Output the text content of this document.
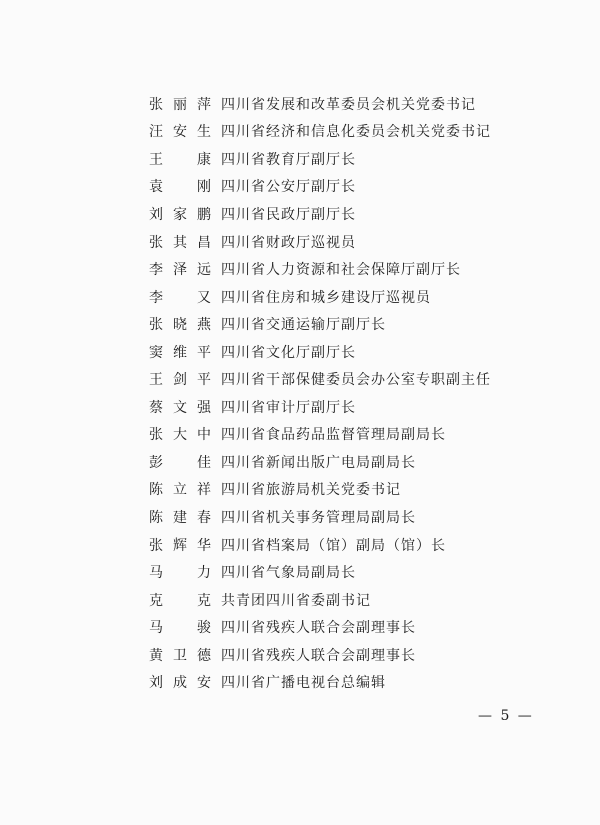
张丽萍 四川省发展和改革委员会机关党委书记
汪安生 四川省经济和信息化委员会机关党委书记
王 康 四川省教育厅副厅长
袁 刚 四川省公安厅副厅长
刘家鹏 四川省民政厅副厅长
张其昌 四川省财政厅巡视员
李泽远 四川省人力资源和社会保障厅副厅长
李 又 四川省住房和城乡建设厅巡视员
张晓燕 四川省交通运输厅副厅长
窦维平 四川省文化厅副厅长
王剑平 四川省干部保健委员会办公室专职副主任
蔡文强 四川省审计厅副厅长
张大中 四川省食品药品监督管理局副局长
彭 佳 四川省新闻出版广电局副局长
陈立祥 四川省旅游局机关党委书记
陈建春 四川省机关事务管理局副局长
张辉华 四川省档案局（馆）副局（馆）长
马 力 四川省气象局副局长
克 克 共青团四川省委副书记
马 骏 四川省残疾人联合会副理事长
黄卫德 四川省残疾人联合会副理事长
刘成安 四川省广播电视台总编辑
— 5 —
